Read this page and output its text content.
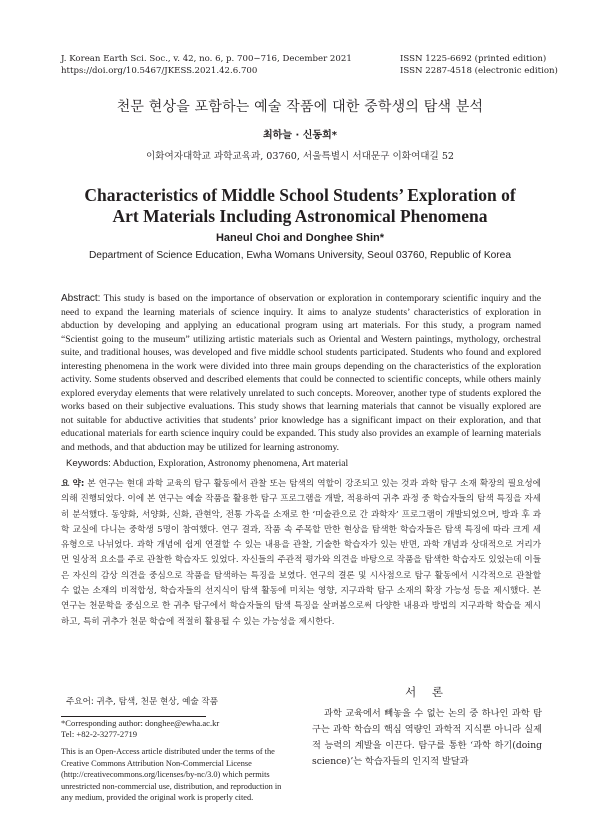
J. Korean Earth Sci. Soc., v. 42, no. 6, p. 700−716, December 2021
https://doi.org/10.5467/JKESS.2021.42.6.700
ISSN 1225-6692 (printed edition)
ISSN 2287-4518 (electronic edition)
천문 현상을 포함하는 예술 작품에 대한 중학생의 탐색 분석
최하늘 · 신동희*
이화여자대학교 과학교육과, 03760, 서울특별시 서대문구 이화여대길 52
Characteristics of Middle School Students’ Exploration of
Art Materials Including Astronomical Phenomena
Haneul Choi and Donghee Shin*
Department of Science Education, Ewha Womans University, Seoul 03760, Republic of Korea
Abstract: This study is based on the importance of observation or exploration in contemporary scientific inquiry and the need to expand the learning materials of science inquiry. It aims to analyze students’ characteristics of exploration in abduction by developing and applying an educational program using art materials. For this study, a program named “Scientist going to the museum” utilizing artistic materials such as Oriental and Western paintings, mythology, orchestral suite, and traditional houses, was developed and five middle school students participated. Students who found and explored interesting phenomena in the work were divided into three main groups depending on the characteristics of the exploration activity. Some students observed and described elements that could be connected to scientific concepts, while others mainly explored everyday elements that were relatively unrelated to such concepts. Moreover, another type of students explored the works based on their subjective evaluations. This study shows that learning materials that cannot be visually explored are not suitable for abductive activities that students’ prior knowledge has a significant impact on their exploration, and that educational materials for earth science inquiry could be expanded. This study also provides an example of learning materials and methods, and that abduction may be utilized for learning astronomy.
Keywords: Abduction, Exploration, Astronomy phenomena, Art material
요 약: 본 연구는 현대 과학 교육의 탐구 활동에서 관찰 또는 탐색의 역할이 강조되고 있는 것과 과학 탐구 소재 확장의 필요성에 의해 진행되었다. 이에 본 연구는 예술 작품을 활용한 탐구 프로그램을 개발, 적용하여 귀추 과정 중 학습자들의 탐색 특징을 자세히 분석했다. 동양화, 서양화, 신화, 관현악, 전통 가옥을 소재로 한 ‘미술관으로 간 과학자’ 프로그램이 개발되었으며, 방과 후 과학 교실에 다니는 중학생 5명이 참여했다. 연구 결과, 작품 속 주목할 만한 현상을 탐색한 학습자들은 탐색 특징에 따라 크게 세 유형으로 나뉘었다. 과학 개념에 쉽게 연결할 수 있는 내용을 관찰, 기술한 학습자가 있는 반면, 과학 개념과 상대적으로 거리가 먼 일상적 요소를 주로 관찰한 학습자도 있었다. 자신들의 주관적 평가와 의견을 바탕으로 작품을 탐색한 학습자도 있었는데 이들은 자신의 감상 의견을 중심으로 작품을 탐색하는 특징을 보였다. 연구의 결론 및 시사점으로 탐구 활동에서 시각적으로 관찰할 수 없는 소재의 비적합성, 학습자들의 선지식이 탐색 활동에 미치는 영향, 지구과학 탐구 소재의 확장 가능성 등을 제시했다. 본 연구는 천문학을 중심으로 한 귀추 탐구에서 학습자들의 탐색 특징을 살펴봄으로써 다양한 내용과 방법의 지구과학 학습을 제시하고, 특히 귀추가 천문 학습에 적절히 활용될 수 있는 가능성을 제시한다.
주요어: 귀추, 탐색, 천문 현상, 예술 작품
*Corresponding author: donghee@ewha.ac.kr
Tel: +82-2-3277-2719
This is an Open-Access article distributed under the terms of the Creative Commons Attribution Non-Commercial License (http://creativecommons.org/licenses/by-nc/3.0) which permits unrestricted non-commercial use, distribution, and reproduction in any medium, provided the original work is properly cited.
서 론
과학 교육에서 빼놓을 수 없는 논의 중 하나인 과학 탐구는 과학 학습의 핵심 역량인 과학적 지식뿐 아니라 실제적 능력의 계발을 이끈다. 탐구를 통한 ‘과학 하기(doing science)’는 학습자들의 인지적 발달과
